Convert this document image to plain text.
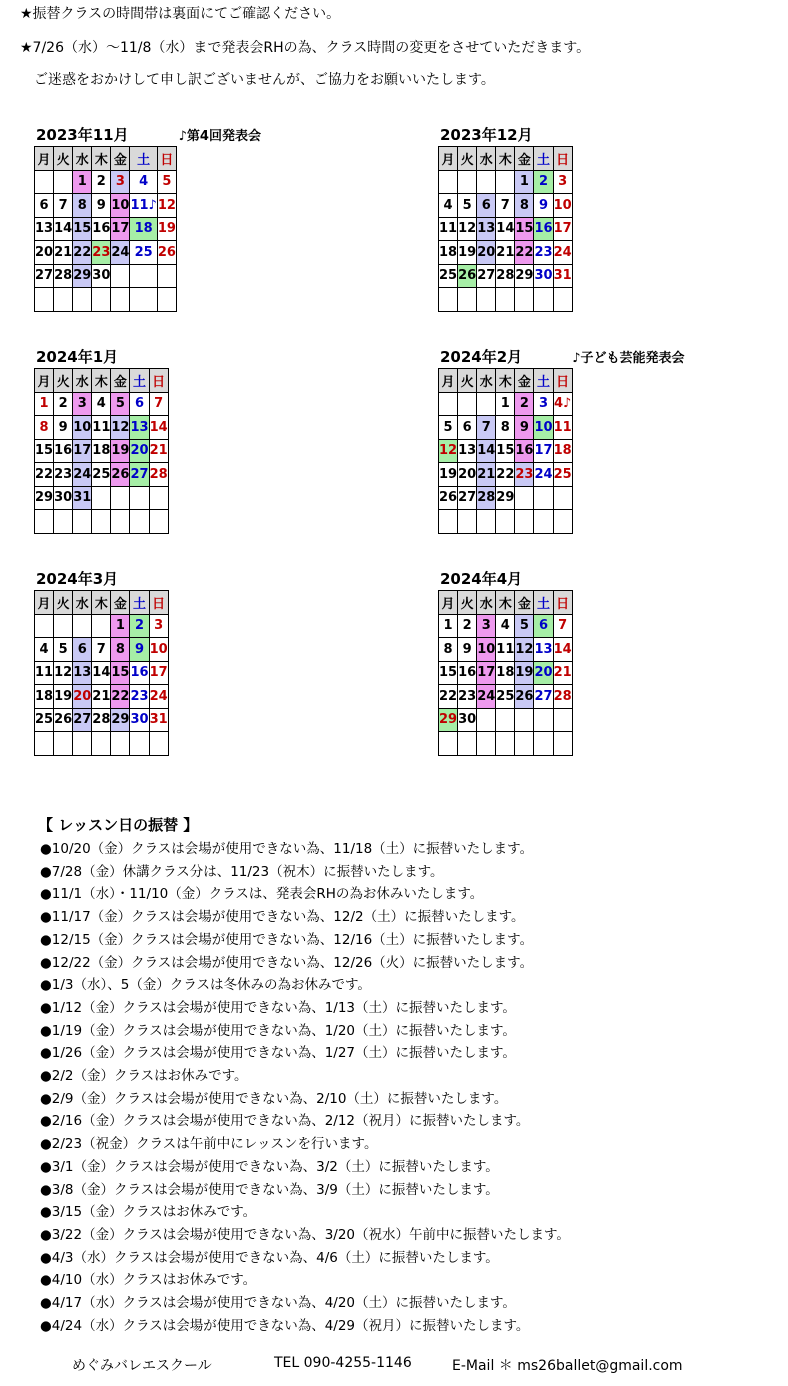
★振替クラスの時間帯は裏面にてご確認ください。
★7/26（水）～11/8（水）まで発表会RHの為、クラス時間の変更をさせていただきます。
　ご迷惑をおかけして申し訳ございませんが、ご協力をお願いいたします。
2023年11月	♪第4回発表会
月	火	水	木	金	土	日
		1	2	3	4	5
6	7	8	9	10	11♪	12
13	14	15	16	17	18	19
20	21	22	23	24	25	26
27	28	29	30			

2023年12月
月	火	水	木	金	土	日
				1	2	3
4	5	6	7	8	9	10
11	12	13	14	15	16	17
18	19	20	21	22	23	24
25	26	27	28	29	30	31

2024年1月
月	火	水	木	金	土	日
1	2	3	4	5	6	7
8	9	10	11	12	13	14
15	16	17	18	19	20	21
22	23	24	25	26	27	28
29	30	31				

2024年2月	♪子ども芸能発表会
月	火	水	木	金	土	日
			1	2	3	4♪
5	6	7	8	9	10	11
12	13	14	15	16	17	18
19	20	21	22	23	24	25
26	27	28	29			

2024年3月
月	火	水	木	金	土	日
				1	2	3
4	5	6	7	8	9	10
11	12	13	14	15	16	17
18	19	20	21	22	23	24
25	26	27	28	29	30	31

2024年4月
月	火	水	木	金	土	日
1	2	3	4	5	6	7
8	9	10	11	12	13	14
15	16	17	18	19	20	21
22	23	24	25	26	27	28
29	30					

【 レッスン日の振替 】
●10/20（金）クラスは会場が使用できない為、11/18（土）に振替いたします。
●7/28（金）休講クラス分は、11/23（祝木）に振替いたします。
●11/1（水）・11/10（金）クラスは、発表会RHの為お休みいたします。
●11/17（金）クラスは会場が使用できない為、12/2（土）に振替いたします。
●12/15（金）クラスは会場が使用できない為、12/16（土）に振替いたします。
●12/22（金）クラスは会場が使用できない為、12/26（火）に振替いたします。
●1/3（水）、5（金）クラスは冬休みの為お休みです。
●1/12（金）クラスは会場が使用できない為、1/13（土）に振替いたします。
●1/19（金）クラスは会場が使用できない為、1/20（土）に振替いたします。
●1/26（金）クラスは会場が使用できない為、1/27（土）に振替いたします。
●2/2（金）クラスはお休みです。
●2/9（金）クラスは会場が使用できない為、2/10（土）に振替いたします。
●2/16（金）クラスは会場が使用できない為、2/12（祝月）に振替いたします。
●2/23（祝金）クラスは午前中にレッスンを行います。
●3/1（金）クラスは会場が使用できない為、3/2（土）に振替いたします。
●3/8（金）クラスは会場が使用できない為、3/9（土）に振替いたします。
●3/15（金）クラスはお休みです。
●3/22（金）クラスは会場が使用できない為、3/20（祝水）午前中に振替いたします。
●4/3（水）クラスは会場が使用できない為、4/6（土）に振替いたします。
●4/10（水）クラスはお休みです。
●4/17（水）クラスは会場が使用できない為、4/20（土）に振替いたします。
●4/24（水）クラスは会場が使用できない為、4/29（祝月）に振替いたします。
めぐみバレエスクール	TEL 090-4255-1146	E-Mail ＊ ms26ballet@gmail.com
